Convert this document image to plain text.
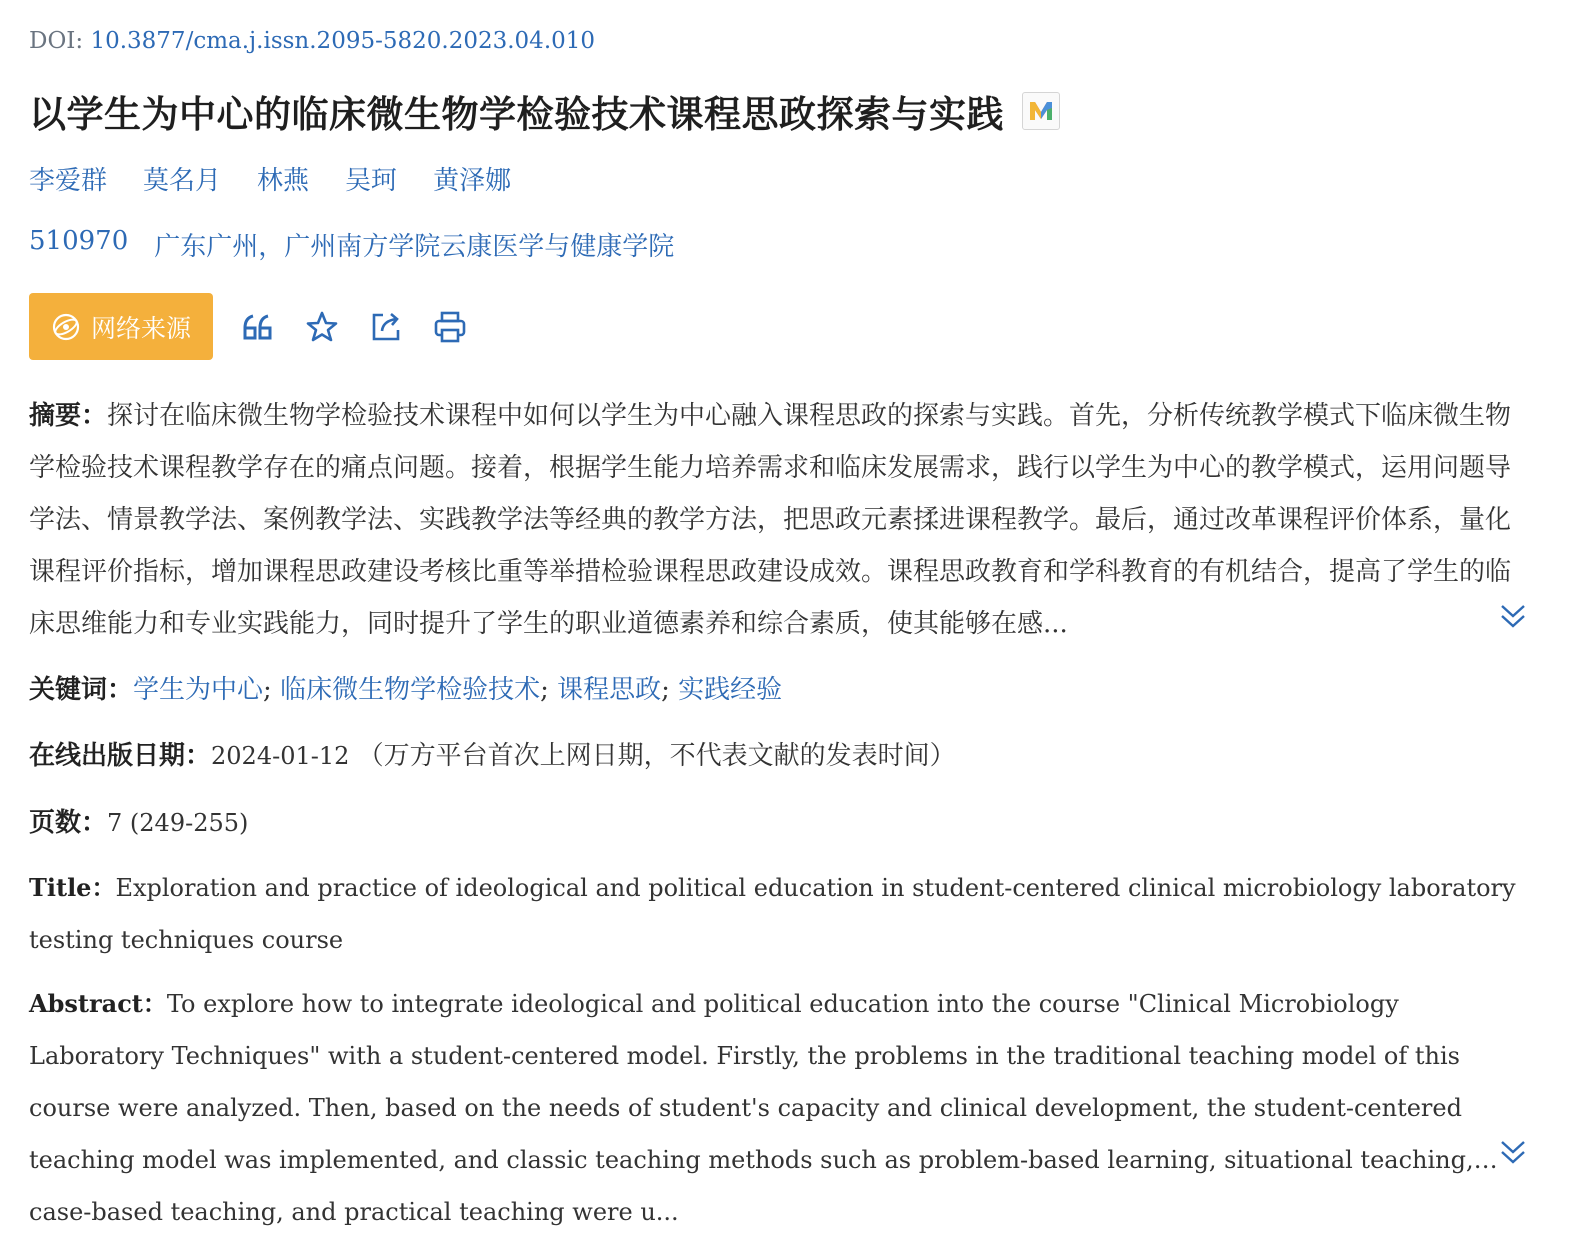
DOI: 10.3877/cma.j.issn.2095-5820.2023.04.010
以学生为中心的临床微生物学检验技术课程思政探索与实践
李爱群 莫名月 林燕 吴珂 黄泽娜
510970 广东广州，广州南方学院云康医学与健康学院
网络来源
摘要：探讨在临床微生物学检验技术课程中如何以学生为中心融入课程思政的探索与实践。首先，分析传统教学模式下临床微生物学检验技术课程教学存在的痛点问题。接着，根据学生能力培养需求和临床发展需求，践行以学生为中心的教学模式，运用问题导学法、情景教学法、案例教学法、实践教学法等经典的教学方法，把思政元素揉进课程教学。最后，通过改革课程评价体系，量化课程评价指标，增加课程思政建设考核比重等举措检验课程思政建设成效。课程思政教育和学科教育的有机结合，提高了学生的临床思维能力和专业实践能力，同时提升了学生的职业道德素养和综合素质，使其能够在感...
关键词：学生为中心; 临床微生物学检验技术; 课程思政; 实践经验
在线出版日期：2024-01-12 （万方平台首次上网日期，不代表文献的发表时间）
页数：7 (249-255)
Title：Exploration and practice of ideological and political education in student-centered clinical microbiology laboratory testing techniques course
Abstract：To explore how to integrate ideological and political education into the course "Clinical Microbiology Laboratory Techniques" with a student-centered model. Firstly, the problems in the traditional teaching model of this course were analyzed. Then, based on the needs of student's capacity and clinical development, the student-centered teaching model was implemented, and classic teaching methods such as problem-based learning, situational teaching, case-based teaching, and practical teaching were u...
